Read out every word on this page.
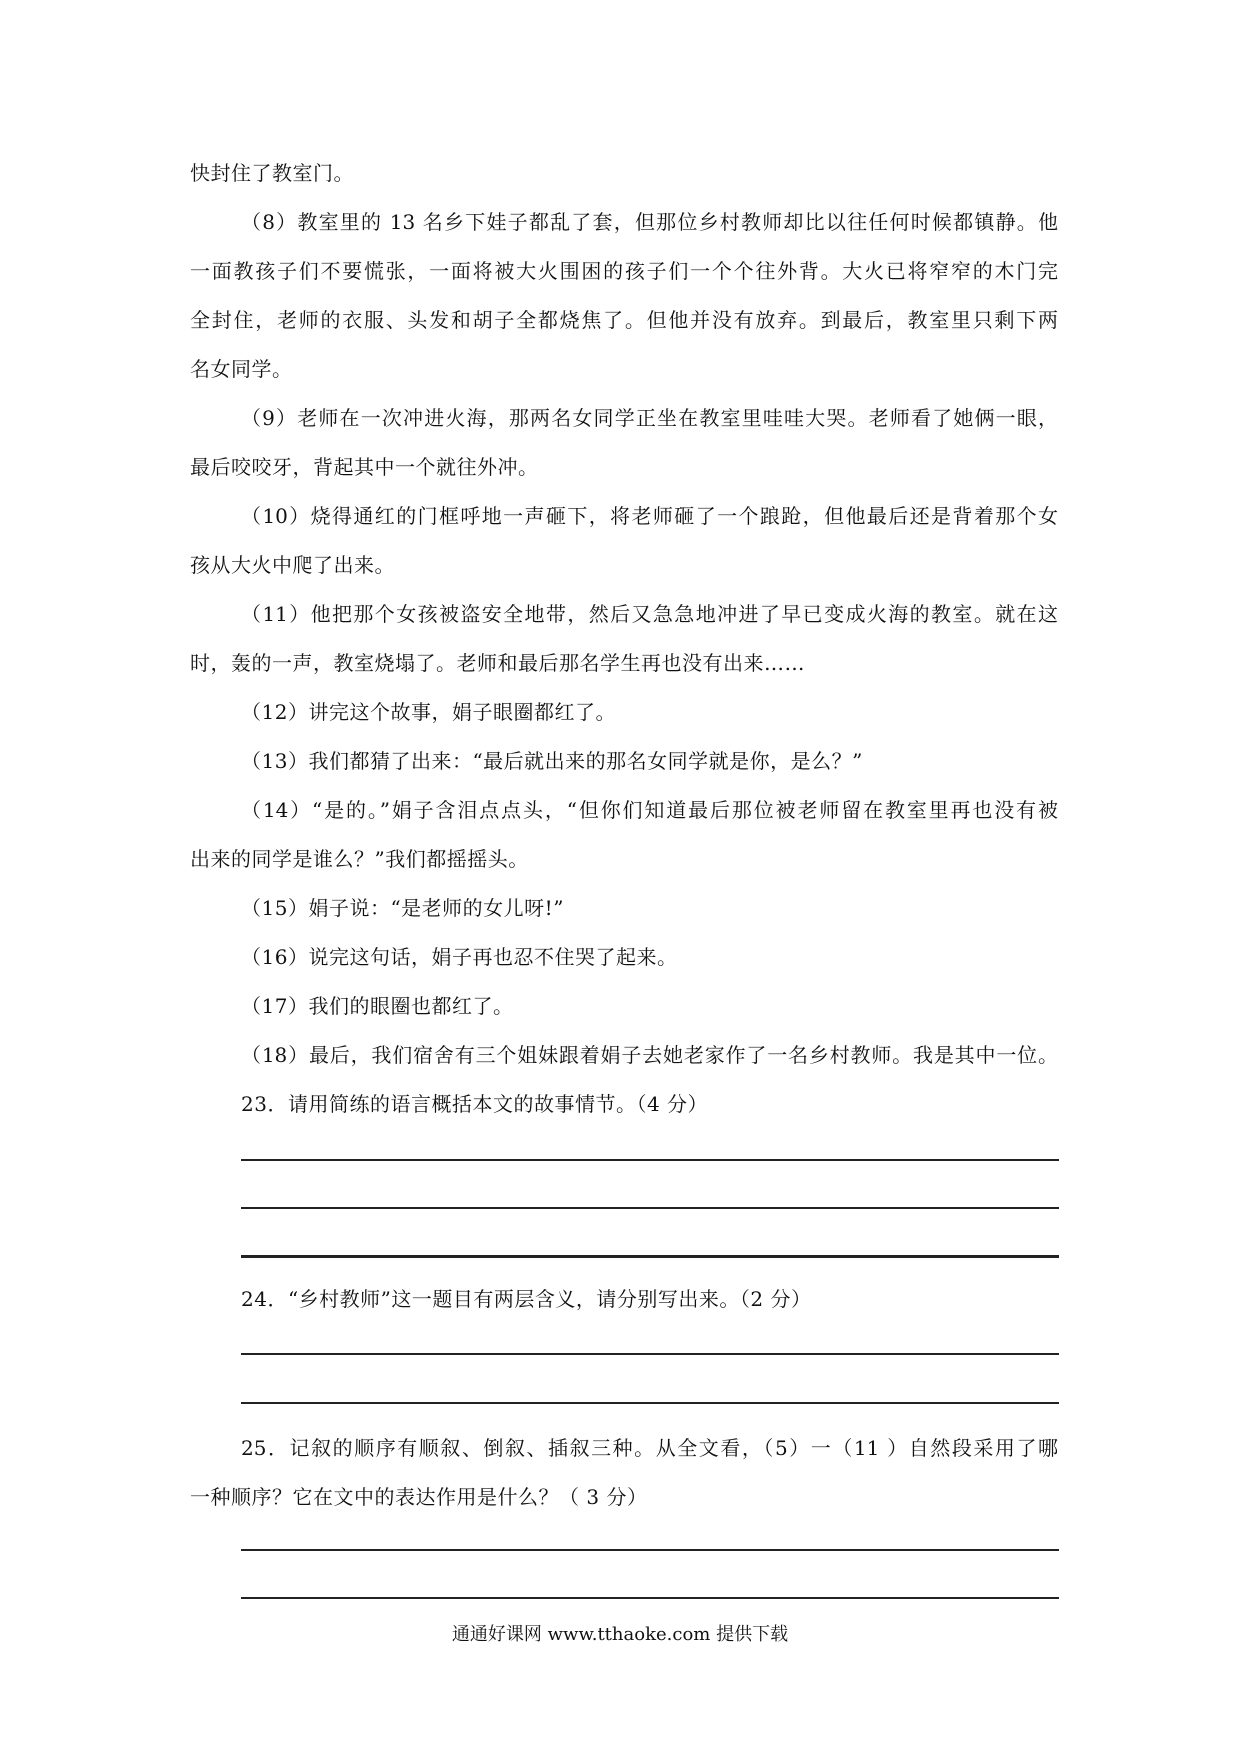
快封住了教室门。
（8）教室里的 13 名乡下娃子都乱了套，但那位乡村教师却比以往任何时候都镇静。他
一面教孩子们不要慌张，一面将被大火围困的孩子们一个个往外背。大火已将窄窄的木门完
全封住，老师的衣服、头发和胡子全都烧焦了。但他并没有放弃。到最后，教室里只剩下两
名女同学。
（9）老师在一次冲进火海，那两名女同学正坐在教室里哇哇大哭。老师看了她俩一眼，
最后咬咬牙，背起其中一个就往外冲。
（10）烧得通红的门框呼地一声砸下，将老师砸了一个踉跄，但他最后还是背着那个女
孩从大火中爬了出来。
（11）他把那个女孩被盗安全地带，然后又急急地冲进了早已变成火海的教室。就在这
时，轰的一声，教室烧塌了。老师和最后那名学生再也没有出来……
（12）讲完这个故事，娟子眼圈都红了。
（13）我们都猜了出来：“最后就出来的那名女同学就是你，是么？”
（14）“是的。”娟子含泪点点头，“但你们知道最后那位被老师留在教室里再也没有被
出来的同学是谁么？”我们都摇摇头。
（15）娟子说：“是老师的女儿呀!”
（16）说完这句话，娟子再也忍不住哭了起来。
（17）我们的眼圈也都红了。
（18）最后，我们宿舍有三个姐妹跟着娟子去她老家作了一名乡村教师。我是其中一位。
23．请用简练的语言概括本文的故事情节。（4 分）
24．“乡村教师”这一题目有两层含义，请分别写出来。（2 分）
25．记叙的顺序有顺叙、倒叙、插叙三种。从全文看，（5）一（11 ）自然段采用了哪
一种顺序？它在文中的表达作用是什么？（ 3 分）
通通好课网 www.tthaoke.com 提供下载
